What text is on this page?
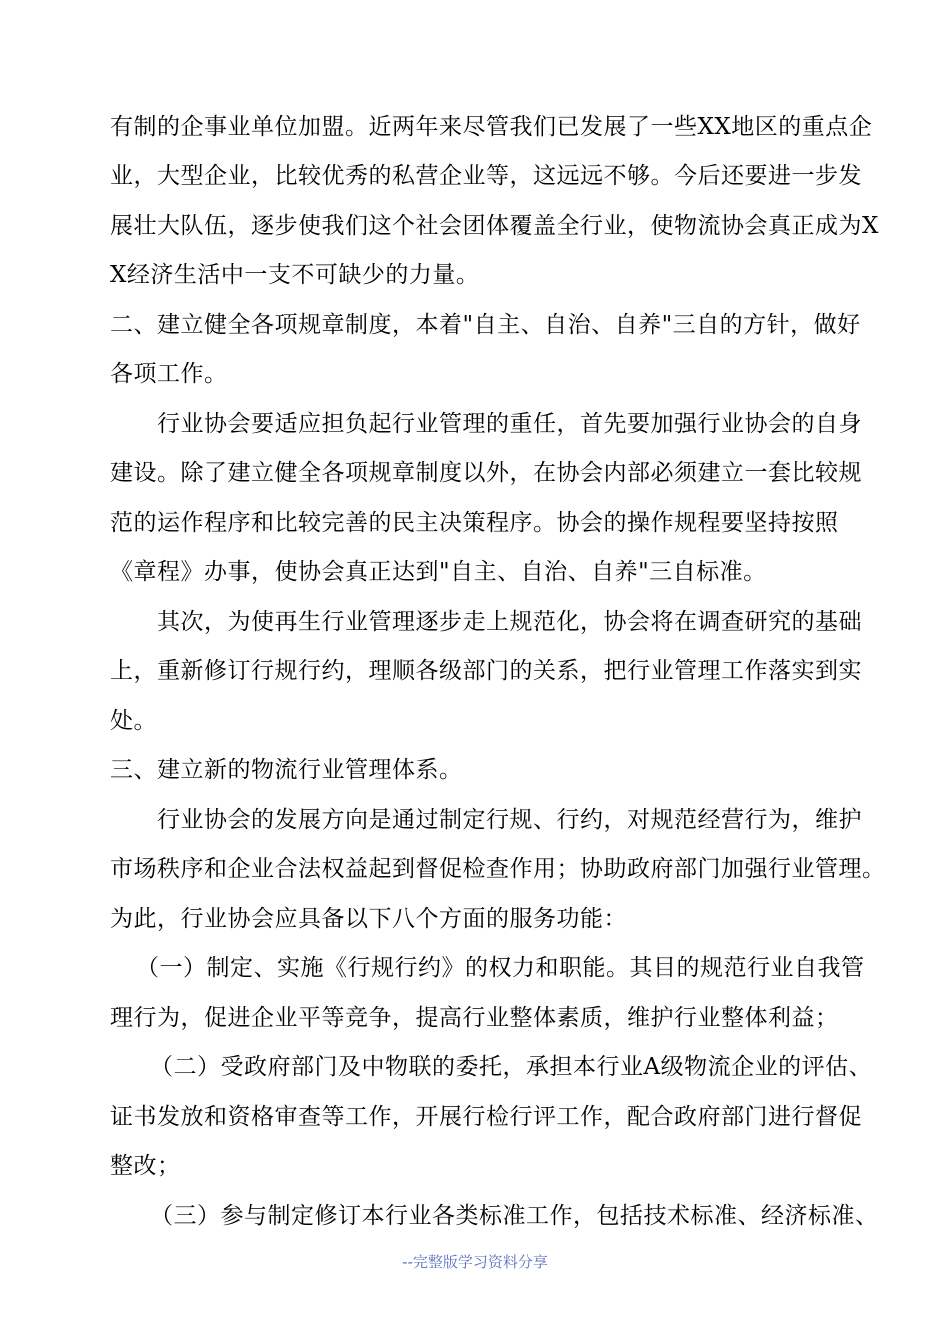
有制的企事业单位加盟。近两年来尽管我们已发展了一些XX地区的重点企
业，大型企业，比较优秀的私营企业等，这远远不够。今后还要进一步发
展壮大队伍，逐步使我们这个社会团体覆盖全行业，使物流协会真正成为X
X经济生活中一支不可缺少的力量。
二、建立健全各项规章制度，本着"自主、自治、自养"三自的方针，做好
各项工作。
　　行业协会要适应担负起行业管理的重任，首先要加强行业协会的自身
建设。除了建立健全各项规章制度以外，在协会内部必须建立一套比较规
范的运作程序和比较完善的民主决策程序。协会的操作规程要坚持按照
《章程》办事，使协会真正达到"自主、自治、自养"三自标准。
　　其次，为使再生行业管理逐步走上规范化，协会将在调查研究的基础
上，重新修订行规行约，理顺各级部门的关系，把行业管理工作落实到实
处。
三、建立新的物流行业管理体系。
　　行业协会的发展方向是通过制定行规、行约，对规范经营行为，维护
市场秩序和企业合法权益起到督促检查作用；协助政府部门加强行业管理。
为此，行业协会应具备以下八个方面的服务功能：
（一）制定、实施《行规行约》的权力和职能。其目的规范行业自我管
理行为，促进企业平等竞争，提高行业整体素质，维护行业整体利益；
（二）受政府部门及中物联的委托，承担本行业A级物流企业的评估、
证书发放和资格审查等工作，开展行检行评工作，配合政府部门进行督促
整改；
（三）参与制定修订本行业各类标准工作，包括技术标准、经济标准、
--完整版学习资料分享
